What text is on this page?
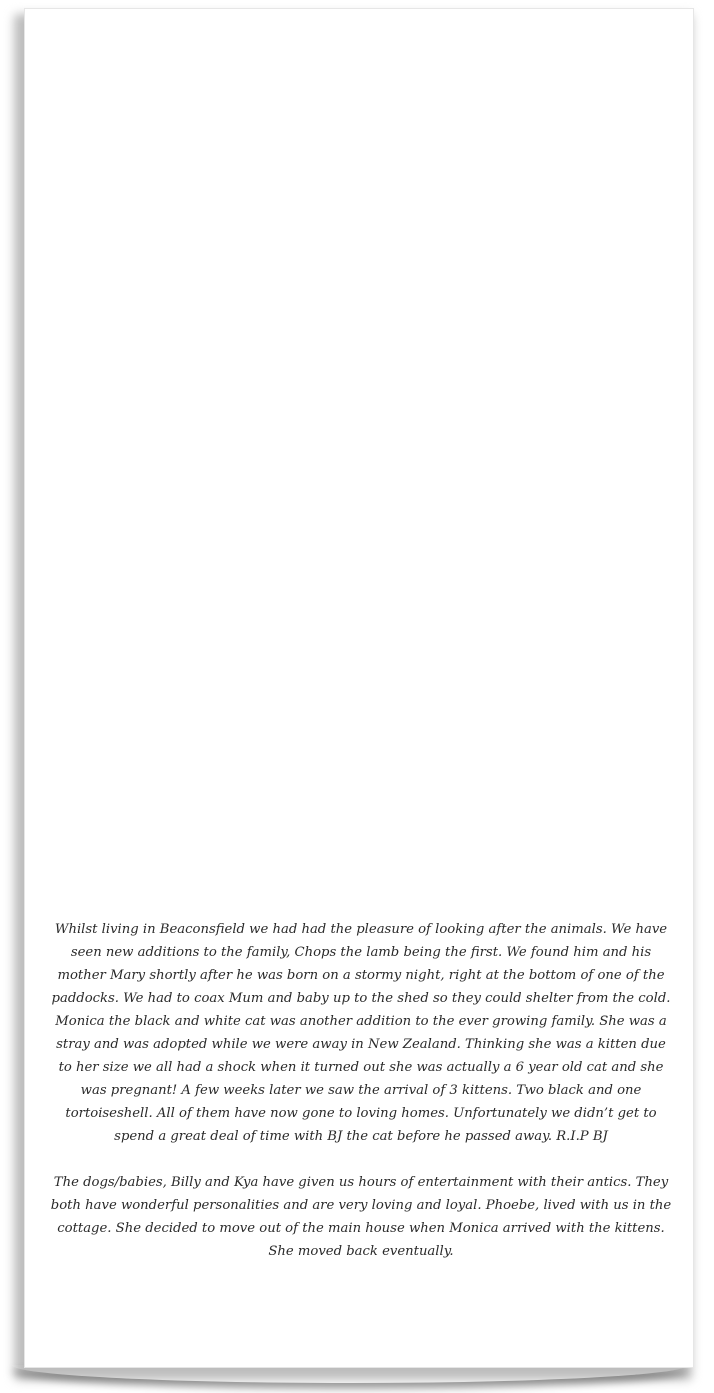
Whilst living in Beaconsfield we had had the pleasure of looking after the animals. We have seen new additions to the family, Chops the lamb being the first. We found him and his mother Mary shortly after he was born on a stormy night, right at the bottom of one of the paddocks. We had to coax Mum and baby up to the shed so they could shelter from the cold. Monica the black and white cat was another addition to the ever growing family. She was a stray and was adopted while we were away in New Zealand. Thinking she was a kitten due to her size we all had a shock when it turned out she was actually a 6 year old cat and she was pregnant! A few weeks later we saw the arrival of 3 kittens. Two black and one tortoiseshell. All of them have now gone to loving homes. Unfortunately we didn’t get to spend a great deal of time with BJ the cat before he passed away. R.I.P BJ

The dogs/babies, Billy and Kya have given us hours of entertainment with their antics. They both have wonderful personalities and are very loving and loyal. Phoebe, lived with us in the cottage. She decided to move out of the main house when Monica arrived with the kittens. She moved back eventually.
